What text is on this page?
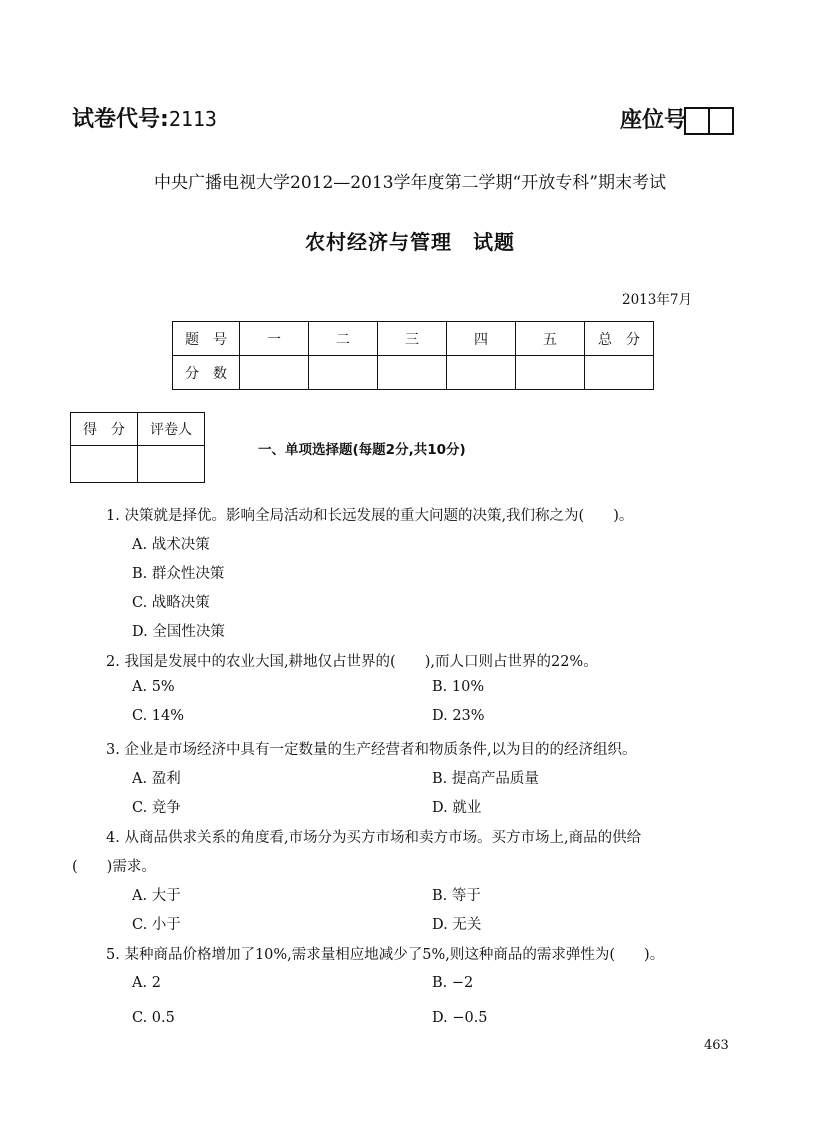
试卷代号:2113	座位号
中央广播电视大学2012—2013学年度第二学期“开放专科”期末考试
农村经济与管理　试题
2013年7月
题　号	一	二	三	四	五	总　分
分　数						
得　分	评卷人

一、单项选择题(每题2分,共10分)
1. 决策就是择优。影响全局活动和长远发展的重大问题的决策,我们称之为(　　)。
A. 战术决策
B. 群众性决策
C. 战略决策
D. 全国性决策
2. 我国是发展中的农业大国,耕地仅占世界的(　　),而人口则占世界的22%。
A. 5%	B. 10%
C. 14%	D. 23%
3. 企业是市场经济中具有一定数量的生产经营者和物质条件,以为目的的经济组织。
A. 盈利	B. 提高产品质量
C. 竞争	D. 就业
4. 从商品供求关系的角度看,市场分为买方市场和卖方市场。买方市场上,商品的供给
(　　)需求。
A. 大于	B. 等于
C. 小于	D. 无关
5. 某种商品价格增加了10%,需求量相应地减少了5%,则这种商品的需求弹性为(　　)。
A. 2	B. −2
C. 0.5	D. −0.5
463
